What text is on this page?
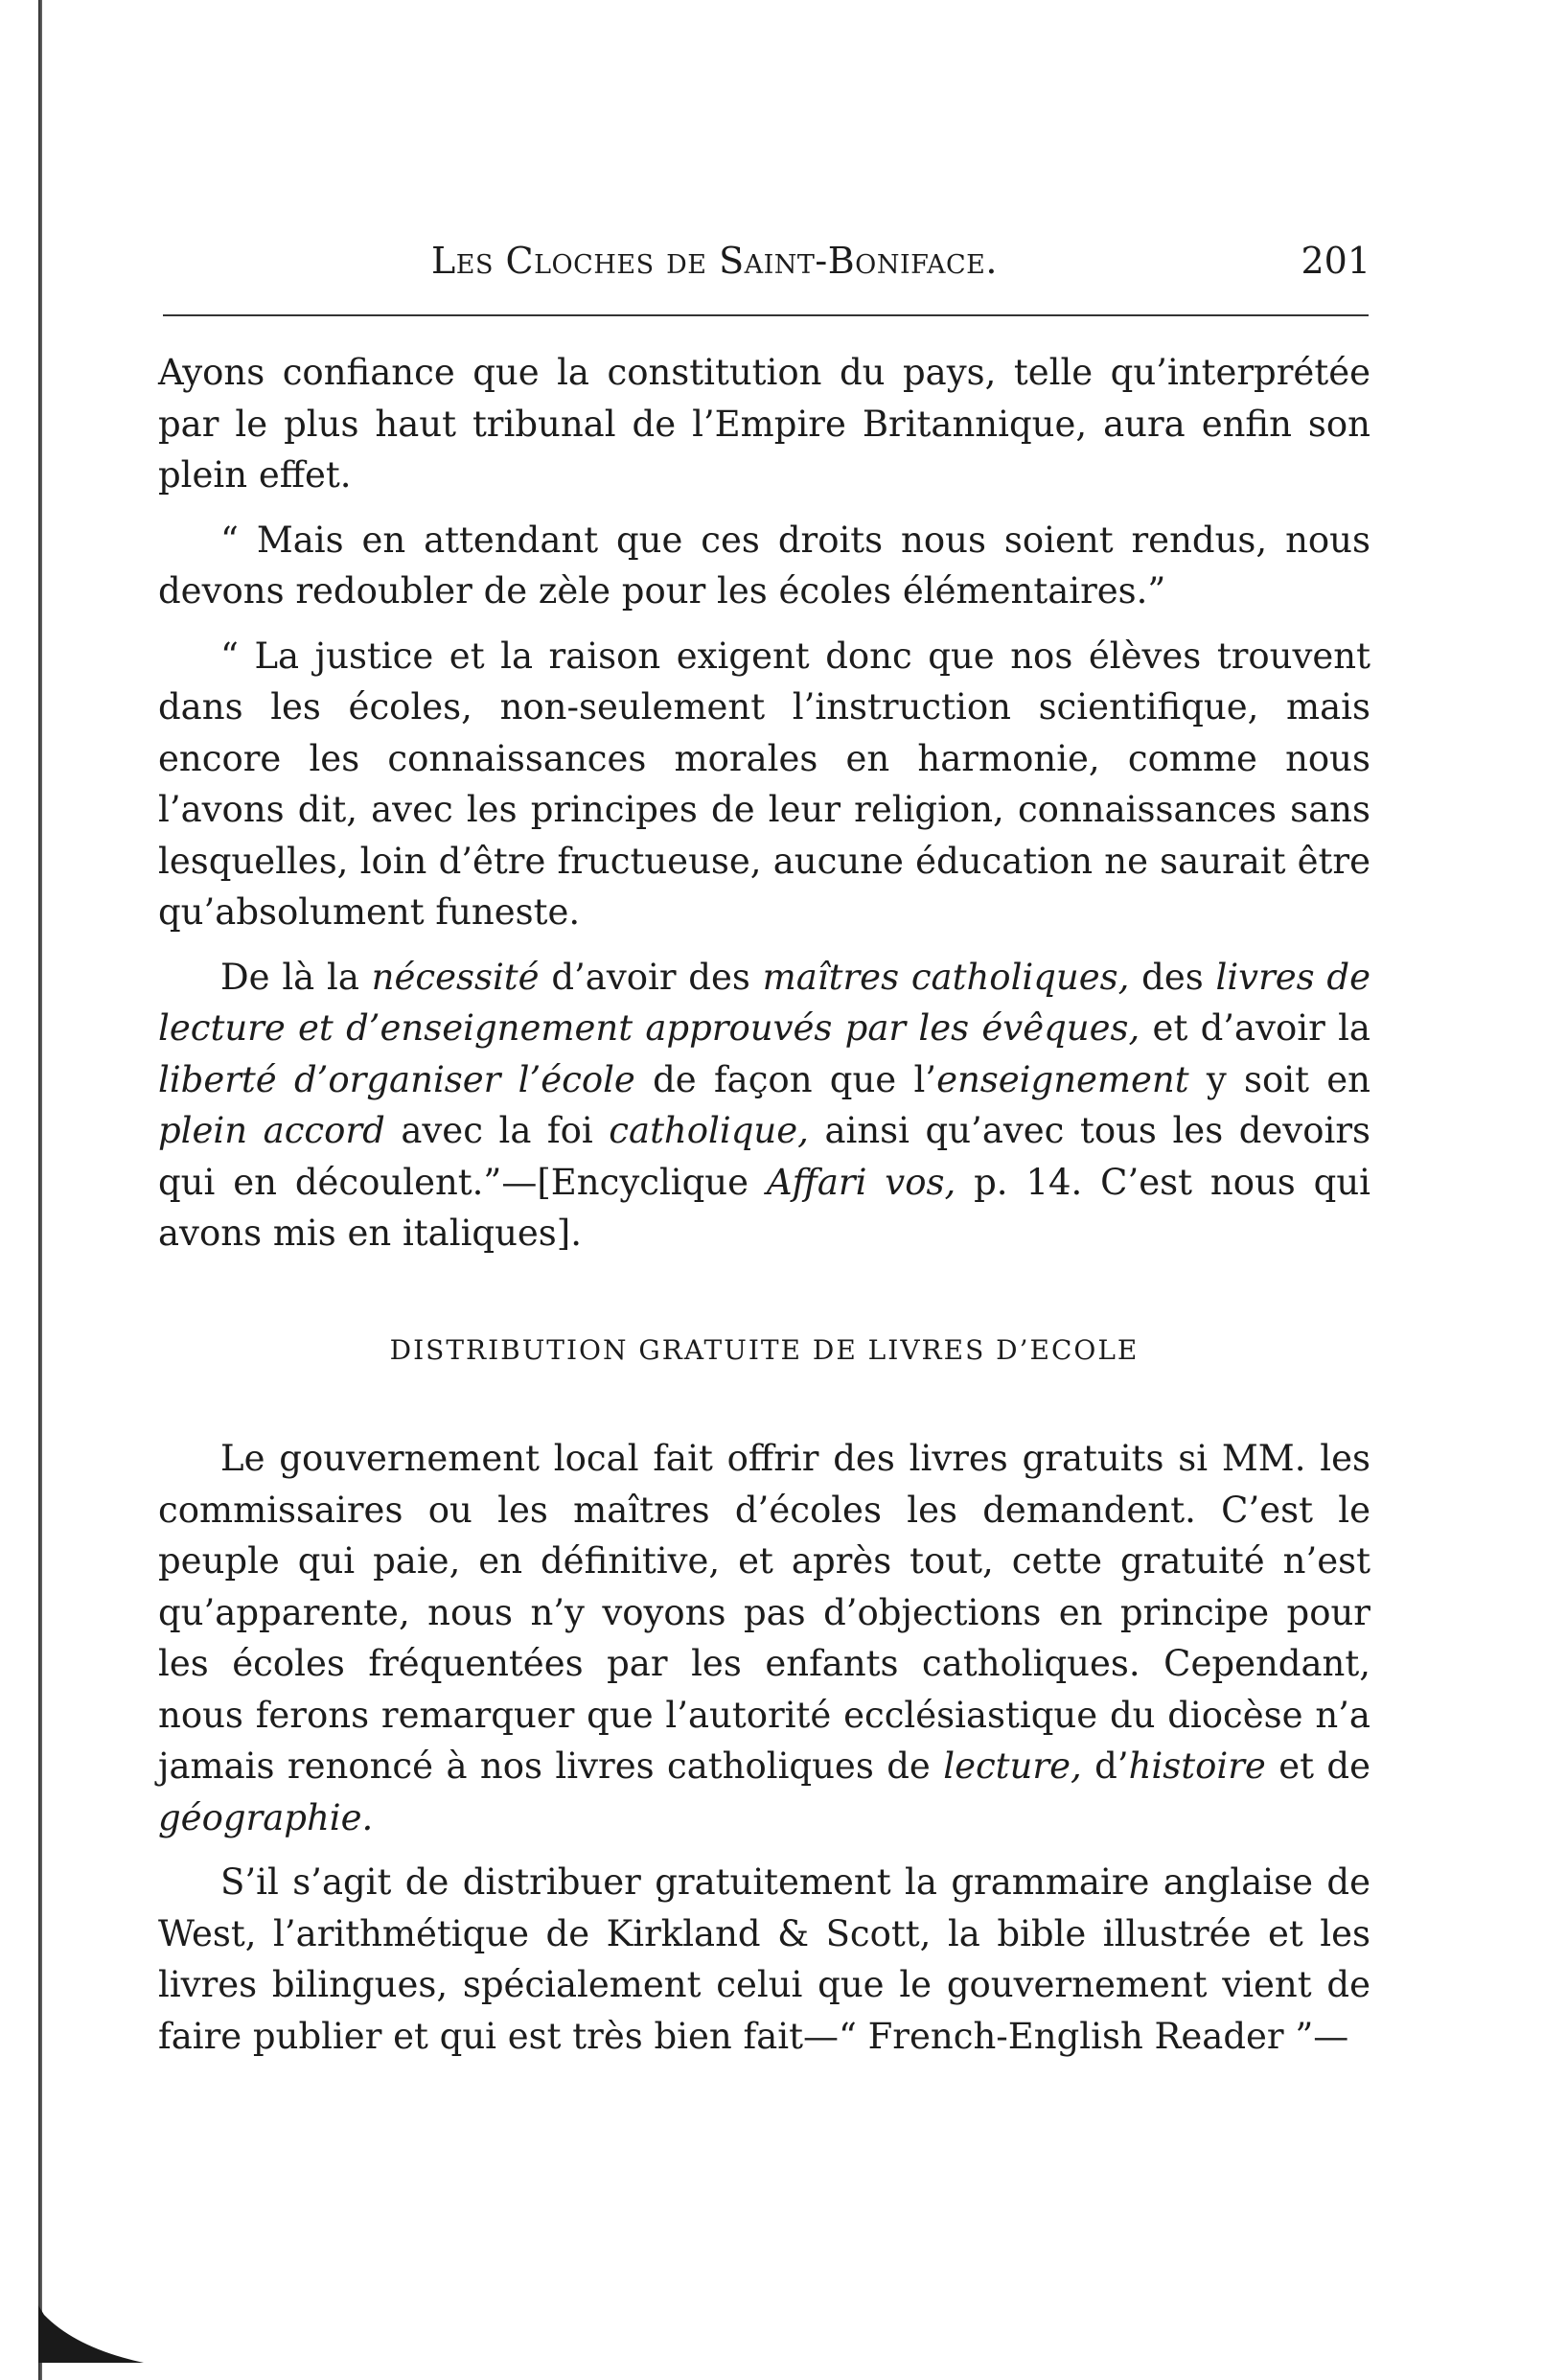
Les Cloches de Saint-Boniface.	201

Ayons confiance que la constitution du pays, telle qu’interprétée par le plus haut tribunal de l’Empire Britannique, aura enfin son plein effet.

“ Mais en attendant que ces droits nous soient rendus, nous devons redoubler de zèle pour les écoles élémentaires.”

“ La justice et la raison exigent donc que nos élèves trouvent dans les écoles, non-seulement l’instruction scientifique, mais encore les connaissances morales en harmonie, comme nous l’avons dit, avec les principes de leur religion, connaissances sans lesquelles, loin d’être fructueuse, aucune éducation ne saurait être qu’absolument funeste.

De là la nécessité d’avoir des maîtres catholiques, des livres de lecture et d’enseignement approuvés par les évêques, et d’avoir la liberté d’organiser l’école de façon que l’enseignement y soit en plein accord avec la foi catholique, ainsi qu’avec tous les devoirs qui en découlent.”—[Encyclique Affari vos, p. 14. C’est nous qui avons mis en italiques].

DISTRIBUTION GRATUITE DE LIVRES D’ECOLE

Le gouvernement local fait offrir des livres gratuits si MM. les commissaires ou les maîtres d’écoles les demandent. C’est le peuple qui paie, en définitive, et après tout, cette gratuité n’est qu’apparente, nous n’y voyons pas d’objections en principe pour les écoles fréquentées par les enfants catholiques. Cependant, nous ferons remarquer que l’autorité ecclésiastique du diocèse n’a jamais renoncé à nos livres catholiques de lecture, d’histoire et de géographie.

S’il s’agit de distribuer gratuitement la grammaire anglaise de West, l’arithmétique de Kirkland & Scott, la bible illustrée et les livres bilingues, spécialement celui que le gouvernement vient de faire publier et qui est très bien fait—“ French-English Reader ”—
